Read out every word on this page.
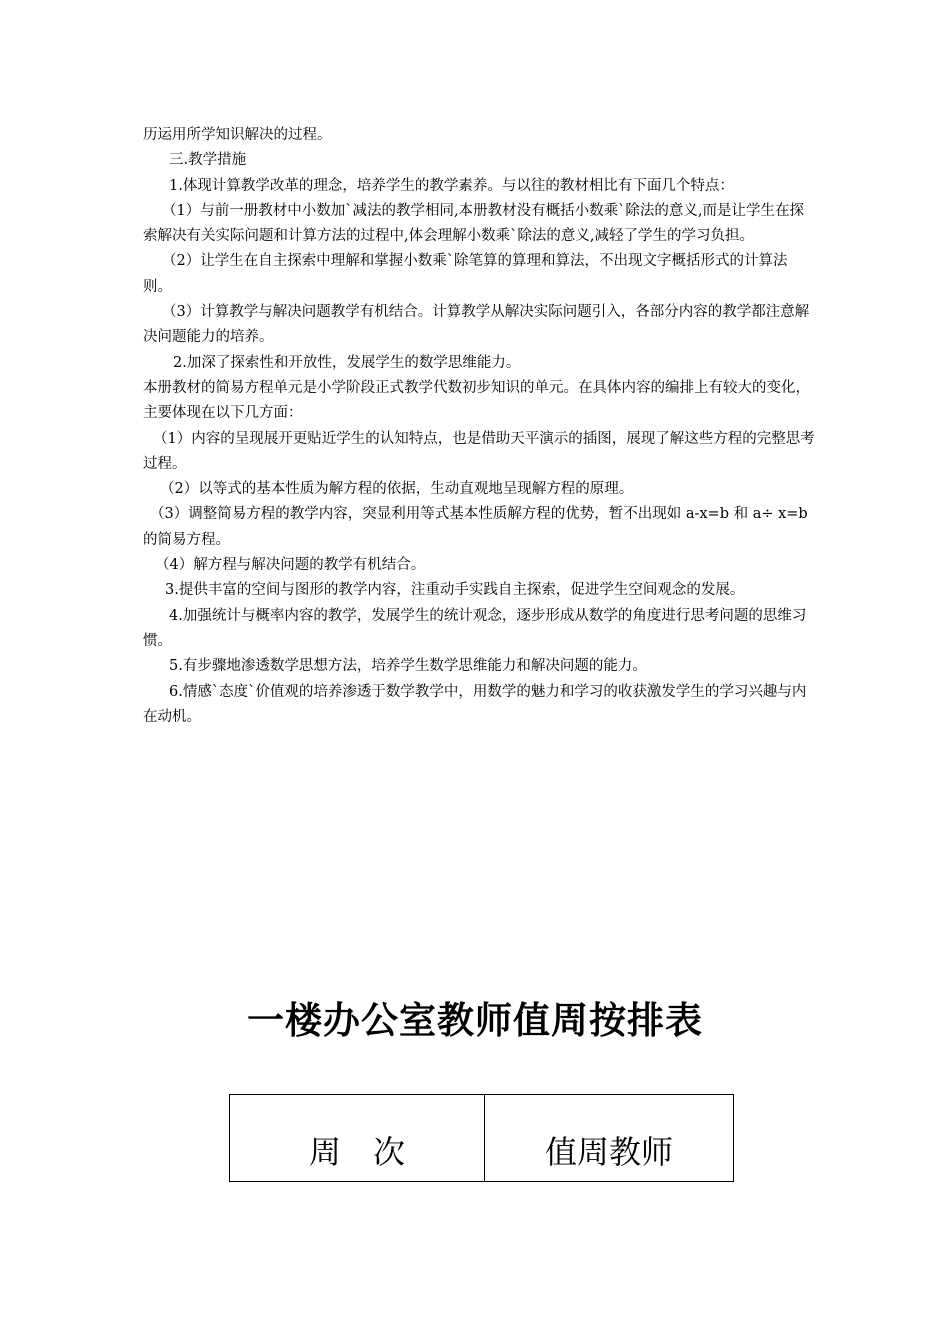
历运用所学知识解决的过程。

三.教学措施

1.体现计算教学改革的理念，培养学生的教学素养。与以往的教材相比有下面几个特点：

（1）与前一册教材中小数加`减法的教学相同,本册教材没有概括小数乘`除法的意义,而是让学生在探索解决有关实际问题和计算方法的过程中,体会理解小数乘`除法的意义,减轻了学生的学习负担。

（2）让学生在自主探索中理解和掌握小数乘`除笔算的算理和算法，不出现文字概括形式的计算法则。

（3）计算教学与解决问题教学有机结合。计算教学从解决实际问题引入，各部分内容的教学都注意解决问题能力的培养。

2.加深了探索性和开放性，发展学生的数学思维能力。

本册教材的简易方程单元是小学阶段正式教学代数初步知识的单元。在具体内容的编排上有较大的变化，主要体现在以下几方面：

（1）内容的呈现展开更贴近学生的认知特点，也是借助天平演示的插图，展现了解这些方程的完整思考过程。

（2）以等式的基本性质为解方程的依据，生动直观地呈现解方程的原理。

（3）调整简易方程的教学内容，突显利用等式基本性质解方程的优势，暂不出现如 a-x=b 和 a÷ x=b 的简易方程。

（4）解方程与解决问题的教学有机结合。

3.提供丰富的空间与图形的教学内容，注重动手实践自主探索，促进学生空间观念的发展。

4.加强统计与概率内容的教学，发展学生的统计观念，逐步形成从数学的角度进行思考问题的思维习惯。

5.有步骤地渗透数学思想方法，培养学生数学思维能力和解决问题的能力。

6.情感`态度`价值观的培养渗透于数学教学中，用数学的魅力和学习的收获激发学生的学习兴趣与内在动机。

一楼办公室教师值周按排表
周　次	值周教师
